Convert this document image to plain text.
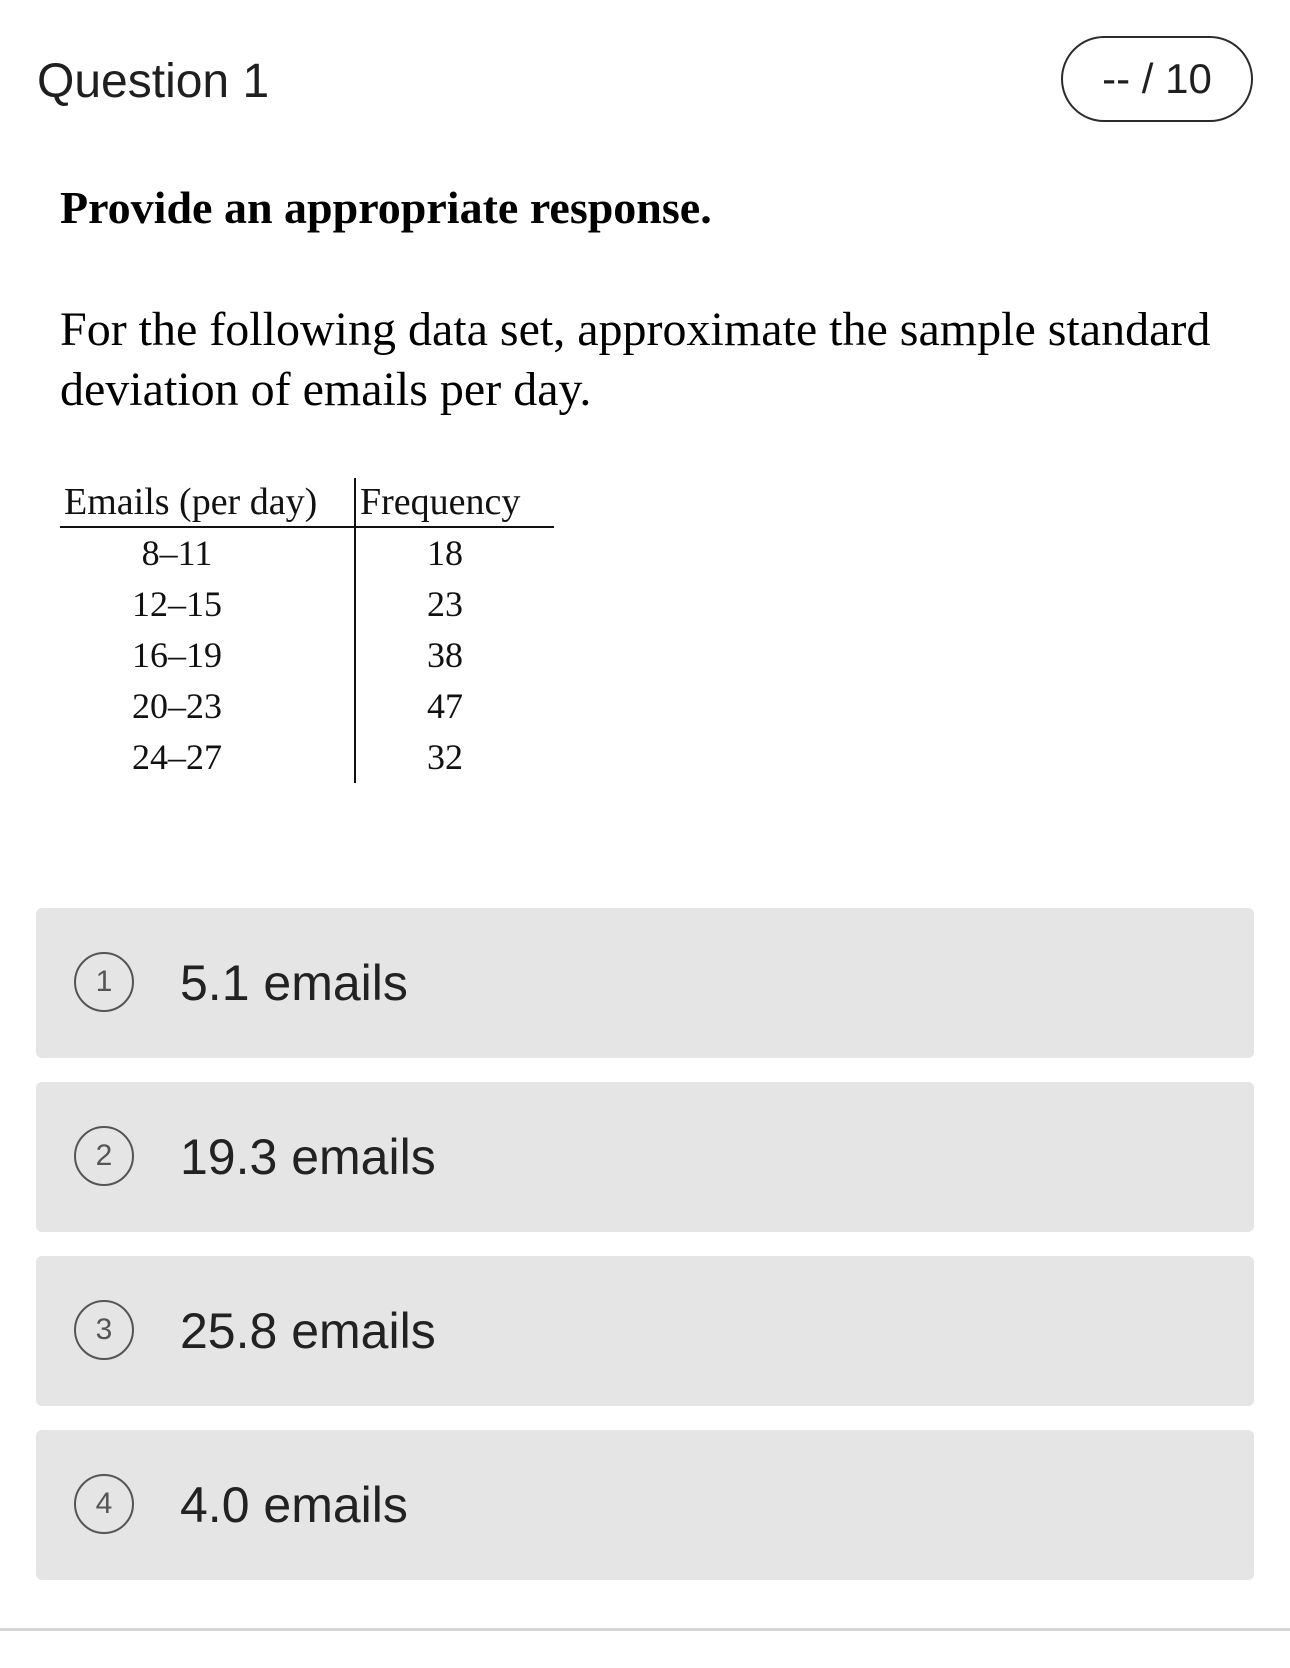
Question 1	-- / 10
Provide an appropriate response.
For the following data set, approximate the sample standard deviation of emails per day.
Emails (per day)	Frequency
8–11	18
12–15	23
16–19	38
20–23	47
24–27	32
1	5.1 emails
2	19.3 emails
3	25.8 emails
4	4.0 emails
